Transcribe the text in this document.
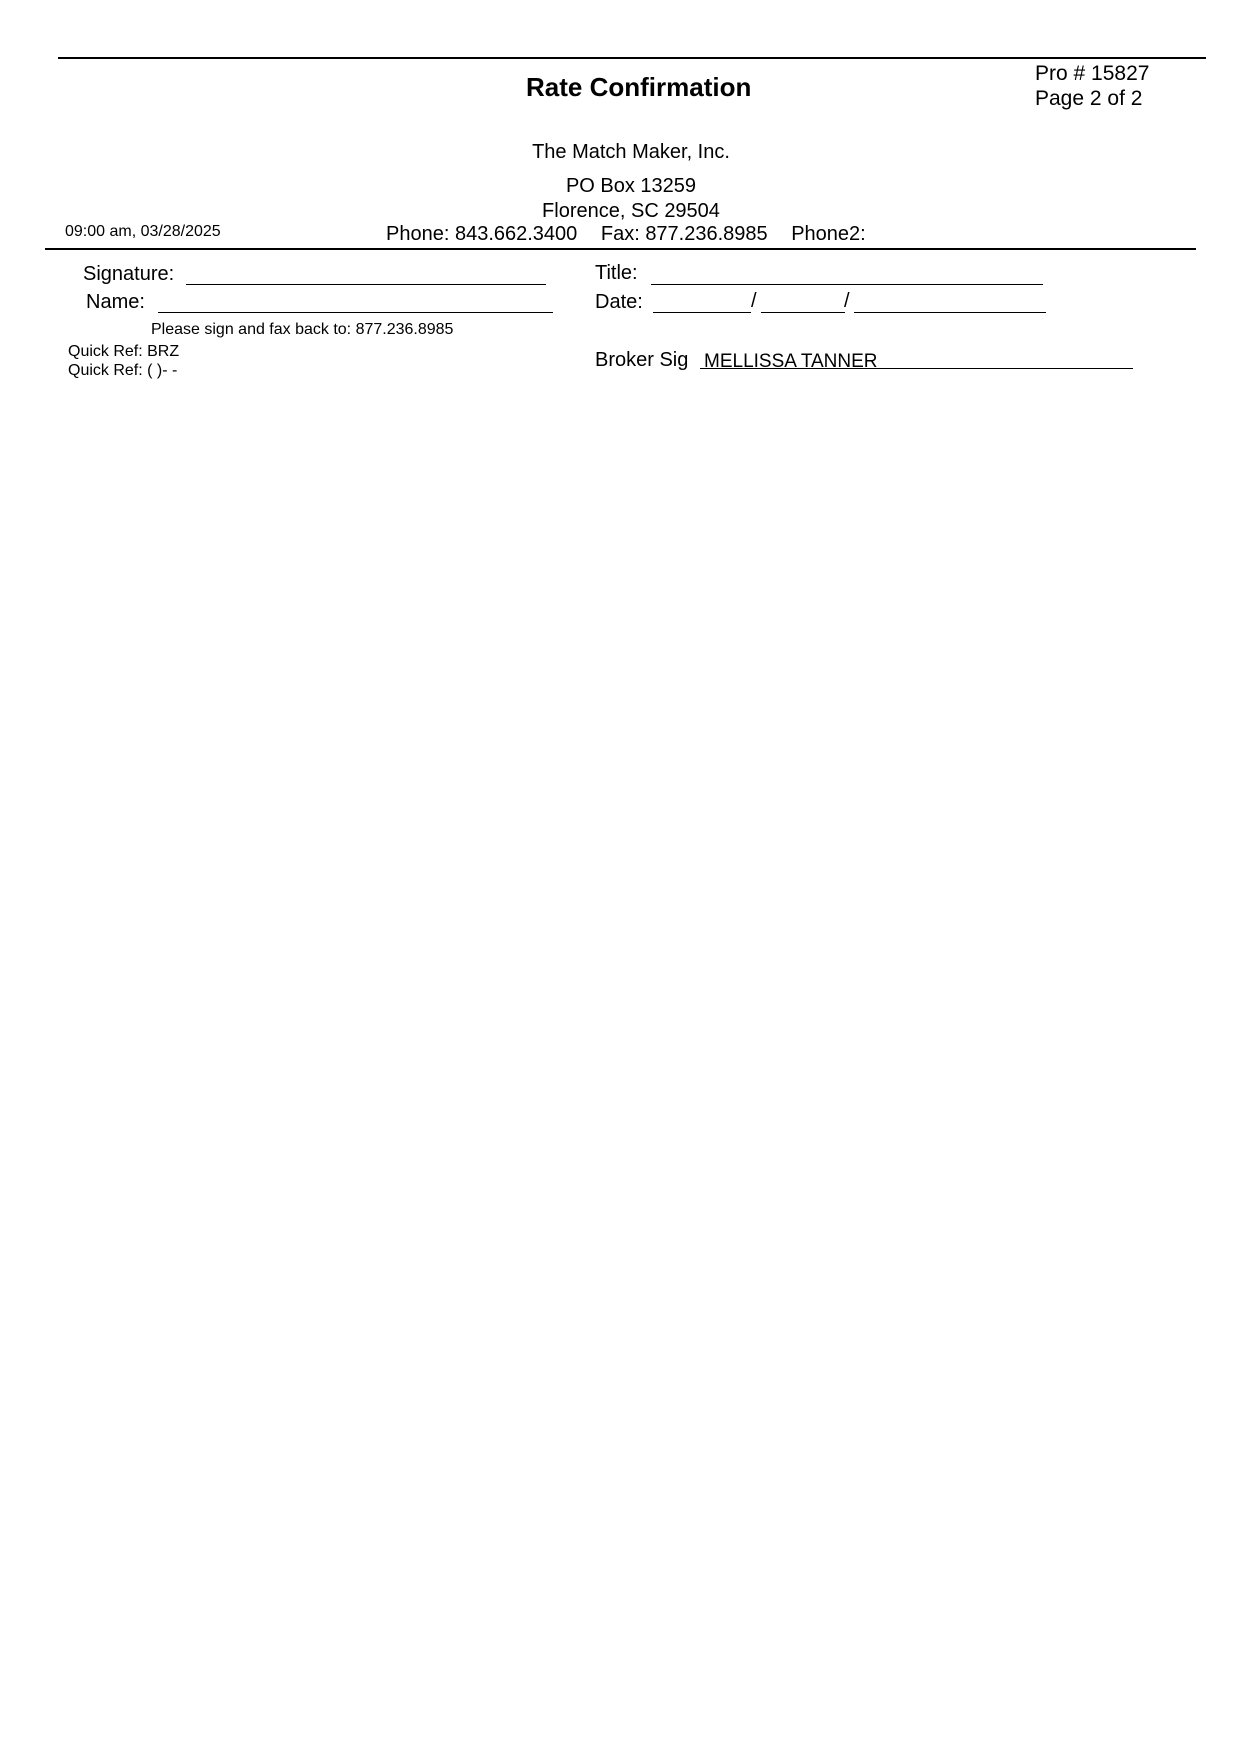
Rate Confirmation	Pro # 15827
Page 2 of 2
The Match Maker, Inc.
PO Box 13259
Florence, SC 29504
09:00 am, 03/28/2025	Phone: 843.662.3400 Fax: 877.236.8985 Phone2:
Signature:
Name:
Title:
Date:	/	/
Please sign and fax back to: 877.236.8985
Quick Ref: BRZ
Quick Ref: ( )- -	Broker Sig MELLISSA TANNER
